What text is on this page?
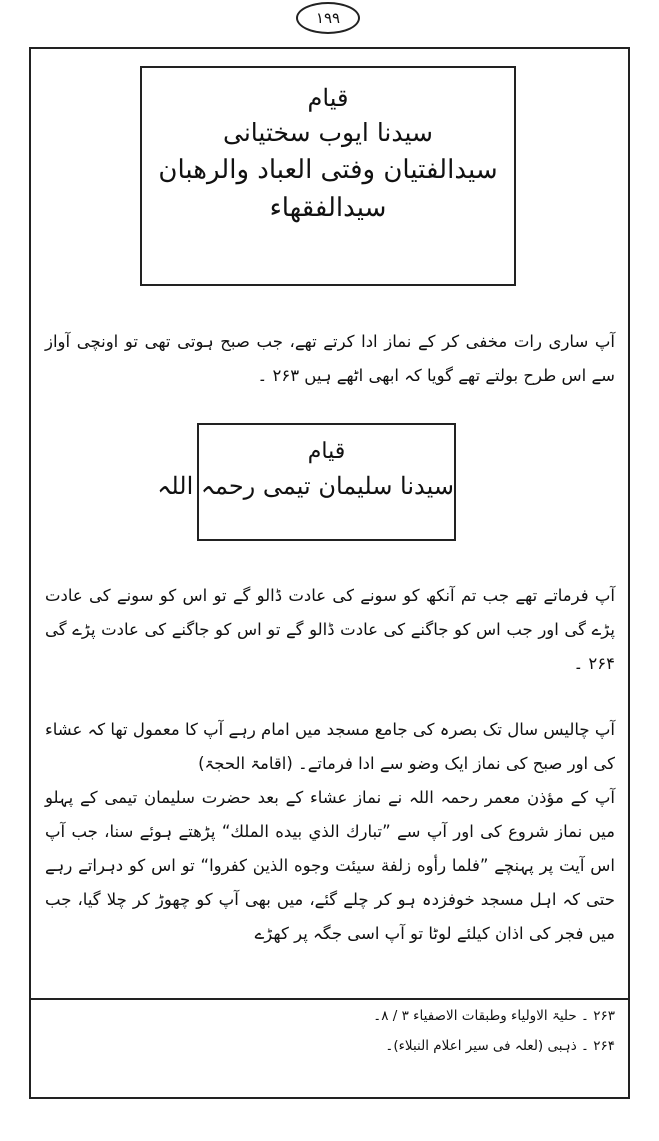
۱۹۹
قیام
سیدنا ایوب سختیانی
سیدالفتیان وفتی العباد والرهبان
سیدالفقهاء
آپ ساری رات مخفی کر کے نماز ادا کرتے تھے، جب صبح ہوتی تھی تو اونچی آواز سے اس طرح بولتے تھے گویا کہ ابھی اٹھے ہیں ۲۶۳ ۔
قیام
سیدنا سلیمان تیمی رحمہ اللہ
آپ فرماتے تھے جب تم آنکھ کو سونے کی عادت ڈالو گے تو اس کو سونے کی عادت پڑے گی اور جب اس کو جاگنے کی عادت ڈالو گے تو اس کو جاگنے کی عادت پڑے گی ۲۶۴ ۔
آپ چالیس سال تک بصرہ کی جامع مسجد میں امام رہے آپ کا معمول تھا کہ عشاء کی اور صبح کی نماز ایک وضو سے ادا فرماتے۔ (اقامۃ الحجۃ)
آپ کے مؤذن معمر رحمہ اللہ نے نماز عشاء کے بعد حضرت سلیمان تیمی کے پہلو میں نماز شروع کی اور آپ سے ”تبارك الذي بيده الملك“ پڑھتے ہوئے سنا، جب آپ اس آیت پر پہنچے ”فلما رأوه زلفة سيئت وجوه الذين كفروا“ تو اس کو دہراتے رہے حتی کہ اہل مسجد خوفزدہ ہو کر چلے گئے، میں بھی آپ کو چھوڑ کر چلا گیا، جب میں فجر کی اذان کیلئے لوٹا تو آپ اسی جگہ پر کھڑے
۲۶۳ ۔ حلیۃ الاولیاء وطبقات الاصفیاء ۳ / ۸۔
۲۶۴ ۔ ذہبی (لعلہ فی سیر اعلام النبلاء)۔
